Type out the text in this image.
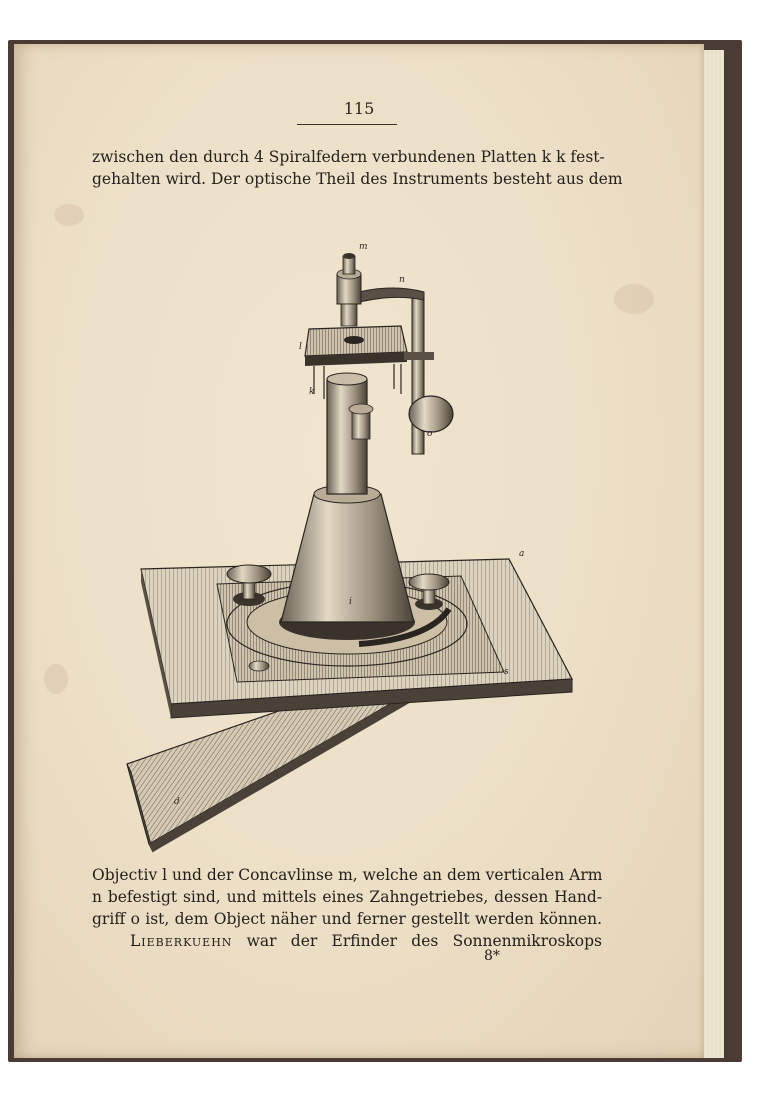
115
zwischen den durch 4 Spiralfedern verbundenen Platten k k fest-
gehalten wird. Der optische Theil des Instruments besteht aus dem
m
n
l
k
o
i
a
s
d
Objectiv l und der Concavlinse m, welche an dem verticalen Arm
n befestigt sind, und mittels eines Zahngetriebes, dessen Hand-
griff o ist, dem Object näher und ferner gestellt werden können.
Lieberkuehn war der Erfinder des Sonnenmikroskops
8*
